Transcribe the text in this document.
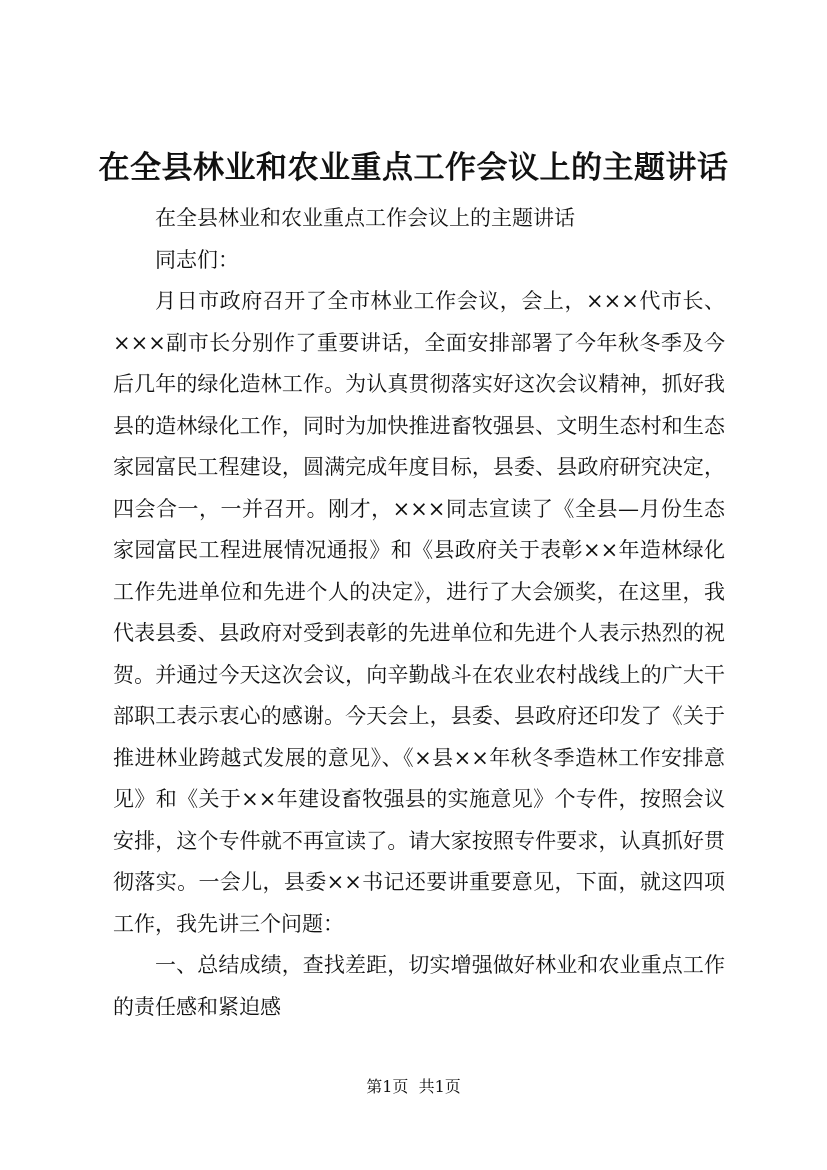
在全县林业和农业重点工作会议上的主题讲话

在全县林业和农业重点工作会议上的主题讲话

同志们：

月日市政府召开了全市林业工作会议，会上，×××代市长、×××副市长分别作了重要讲话，全面安排部署了今年秋冬季及今后几年的绿化造林工作。为认真贯彻落实好这次会议精神，抓好我县的造林绿化工作，同时为加快推进畜牧强县、文明生态村和生态家园富民工程建设，圆满完成年度目标，县委、县政府研究决定，四会合一，一并召开。刚才，×××同志宣读了《全县—月份生态家园富民工程进展情况通报》和《县政府关于表彰××年造林绿化工作先进单位和先进个人的决定》，进行了大会颁奖，在这里，我代表县委、县政府对受到表彰的先进单位和先进个人表示热烈的祝贺。并通过今天这次会议，向辛勤战斗在农业农村战线上的广大干部职工表示衷心的感谢。今天会上，县委、县政府还印发了《关于推进林业跨越式发展的意见》、《×县××年秋冬季造林工作安排意见》和《关于××年建设畜牧强县的实施意见》个专件，按照会议安排，这个专件就不再宣读了。请大家按照专件要求，认真抓好贯彻落实。一会儿，县委××书记还要讲重要意见，下面，就这四项工作，我先讲三个问题：

一、总结成绩，查找差距，切实增强做好林业和农业重点工作的责任感和紧迫感

第1页  共1页
